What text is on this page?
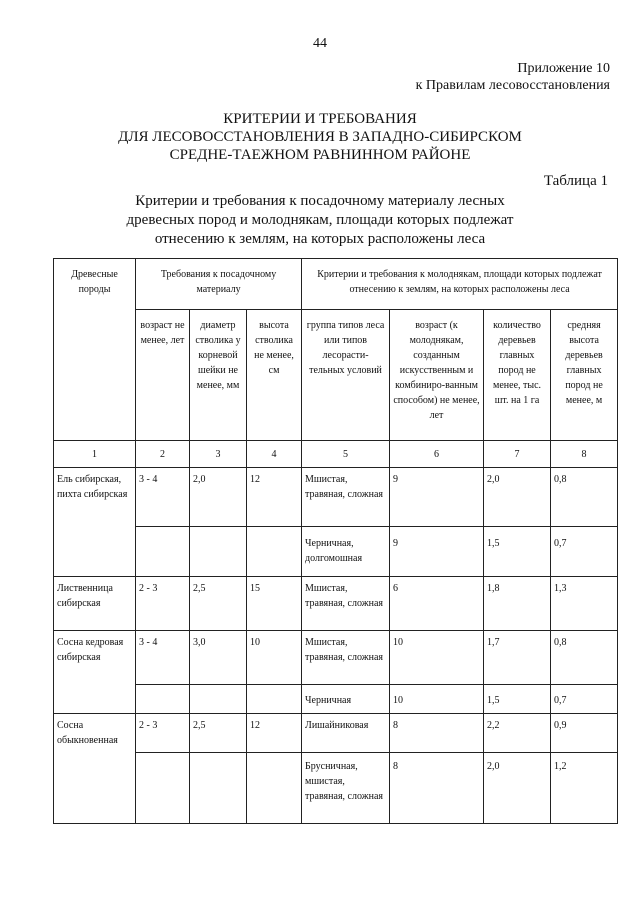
44
Приложение 10
к Правилам лесовосстановления
КРИТЕРИИ И ТРЕБОВАНИЯ
ДЛЯ ЛЕСОВОССТАНОВЛЕНИЯ В ЗАПАДНО-СИБИРСКОМ
СРЕДНЕ-ТАЕЖНОМ РАВНИННОМ РАЙОНЕ
Таблица 1
Критерии и требования к посадочному материалу лесных
древесных пород и молоднякам, площади которых подлежат
отнесению к землям, на которых расположены леса
Древесные породы	Требования к посадочному материалу			Критерии и требования к молоднякам, площади которых подлежат отнесению к землям, на которых расположены леса			
	возраст не менее, лет	диаметр стволика у корневой шейки не менее, мм	высота стволика не менее, см	группа типов леса или типов лесорасти-тельных условий	возраст (к молоднякам, созданным искусственным и комбиниро-ванным способом) не менее, лет	количество деревьев главных пород не менее, тыс. шт. на 1 га	средняя высота деревьев главных пород не менее, м
1	2	3	4	5	6	7	8
Ель сибирская, пихта сибирская	3 - 4	2,0	12	Мшистая, травяная, сложная	9	2,0	0,8
				Черничная, долгомошная	9	1,5	0,7
Лиственница сибирская	2 - 3	2,5	15	Мшистая, травяная, сложная	6	1,8	1,3
Сосна кедровая сибирская	3 - 4	3,0	10	Мшистая, травяная, сложная	10	1,7	0,8
				Черничная	10	1,5	0,7
Сосна обыкновенная	2 - 3	2,5	12	Лишайниковая	8	2,2	0,9
				Брусничная, мшистая, травяная, сложная	8	2,0	1,2
